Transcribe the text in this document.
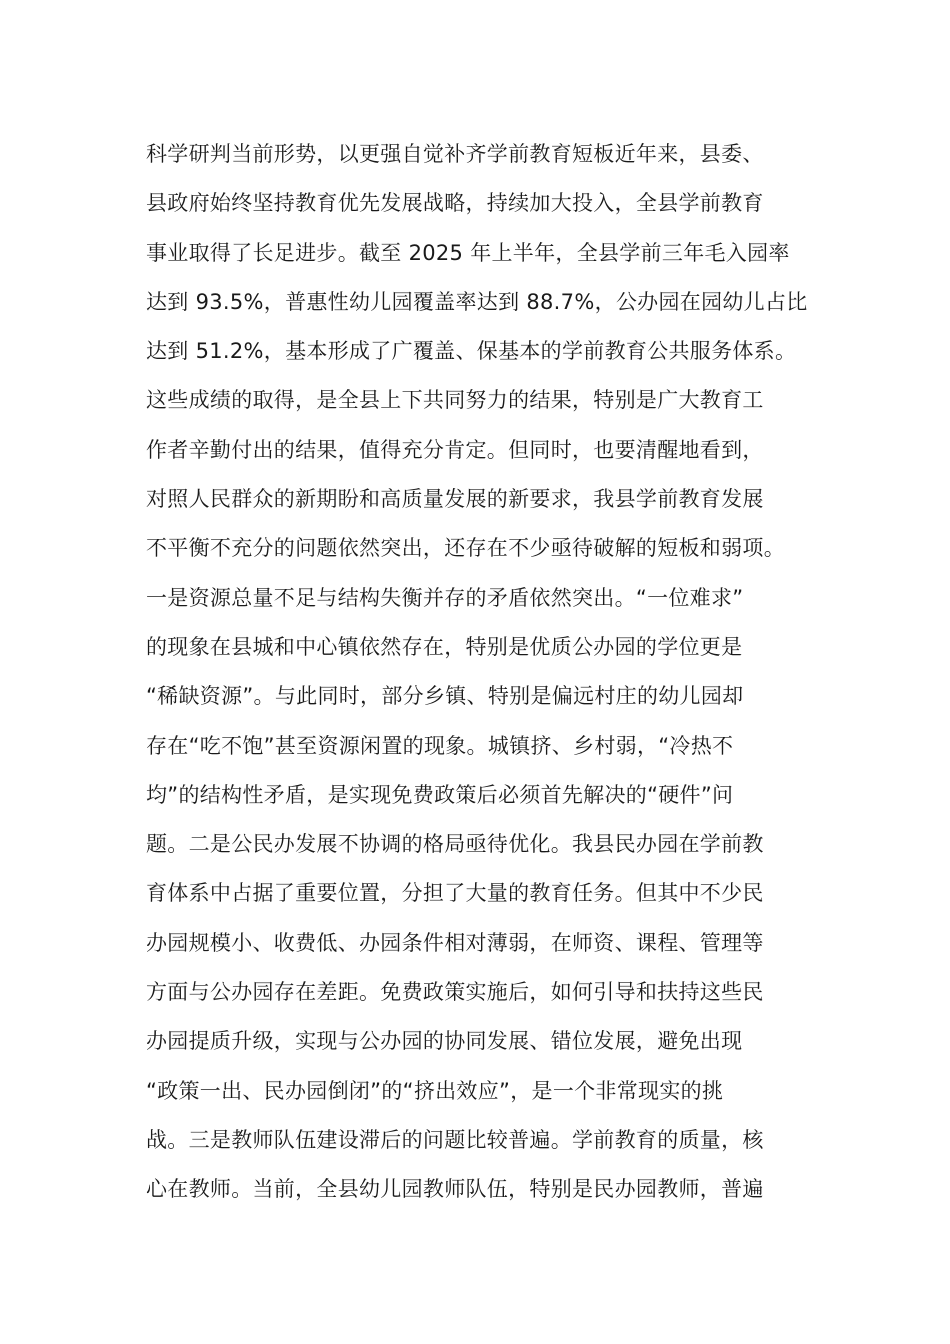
科学研判当前形势，以更强自觉补齐学前教育短板近年来，县委、
县政府始终坚持教育优先发展战略，持续加大投入，全县学前教育
事业取得了长足进步。截至 2025 年上半年，全县学前三年毛入园率
达到 93.5%，普惠性幼儿园覆盖率达到 88.7%，公办园在园幼儿占比
达到 51.2%，基本形成了广覆盖、保基本的学前教育公共服务体系。
这些成绩的取得，是全县上下共同努力的结果，特别是广大教育工
作者辛勤付出的结果，值得充分肯定。但同时，也要清醒地看到，
对照人民群众的新期盼和高质量发展的新要求，我县学前教育发展
不平衡不充分的问题依然突出，还存在不少亟待破解的短板和弱项。
一是资源总量不足与结构失衡并存的矛盾依然突出。“一位难求”
的现象在县城和中心镇依然存在，特别是优质公办园的学位更是
“稀缺资源”。与此同时，部分乡镇、特别是偏远村庄的幼儿园却
存在“吃不饱”甚至资源闲置的现象。城镇挤、乡村弱，“冷热不
均”的结构性矛盾，是实现免费政策后必须首先解决的“硬件”问
题。二是公民办发展不协调的格局亟待优化。我县民办园在学前教
育体系中占据了重要位置，分担了大量的教育任务。但其中不少民
办园规模小、收费低、办园条件相对薄弱，在师资、课程、管理等
方面与公办园存在差距。免费政策实施后，如何引导和扶持这些民
办园提质升级，实现与公办园的协同发展、错位发展，避免出现
“政策一出、民办园倒闭”的“挤出效应”，是一个非常现实的挑
战。三是教师队伍建设滞后的问题比较普遍。学前教育的质量，核
心在教师。当前，全县幼儿园教师队伍，特别是民办园教师，普遍
